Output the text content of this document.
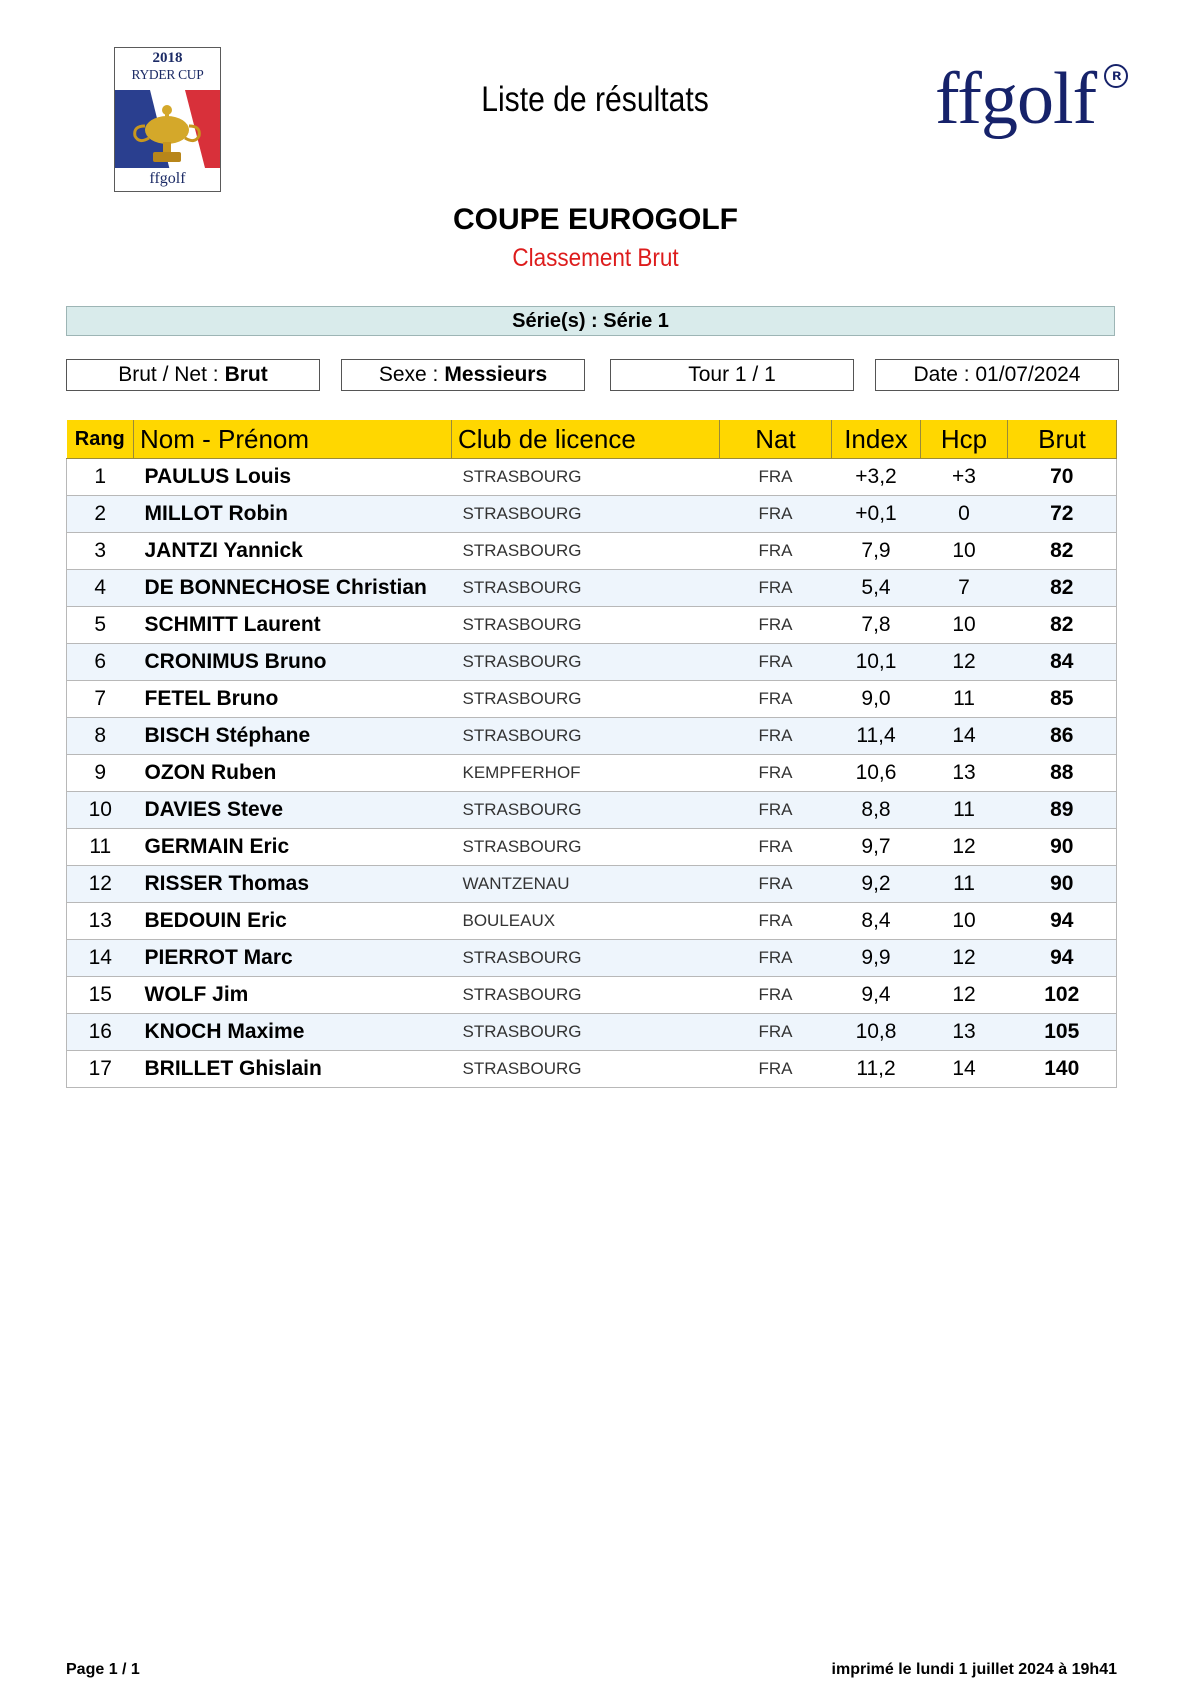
2018
RYDER CUP
ffgolf
Liste de résultats	ffgolf ʀ
COUPE EUROGOLF
Classement Brut
Série(s) : Série 1
Brut / Net : Brut	Sexe : Messieurs	Tour 1 / 1	Date : 01/07/2024
Rang	Nom - Prénom	Club de licence	Nat	Index	Hcp	Brut
1	PAULUS Louis	STRASBOURG	FRA	+3,2	+3	70
2	MILLOT Robin	STRASBOURG	FRA	+0,1	0	72
3	JANTZI Yannick	STRASBOURG	FRA	7,9	10	82
4	DE BONNECHOSE Christian	STRASBOURG	FRA	5,4	7	82
5	SCHMITT Laurent	STRASBOURG	FRA	7,8	10	82
6	CRONIMUS Bruno	STRASBOURG	FRA	10,1	12	84
7	FETEL Bruno	STRASBOURG	FRA	9,0	11	85
8	BISCH Stéphane	STRASBOURG	FRA	11,4	14	86
9	OZON Ruben	KEMPFERHOF	FRA	10,6	13	88
10	DAVIES Steve	STRASBOURG	FRA	8,8	11	89
11	GERMAIN Eric	STRASBOURG	FRA	9,7	12	90
12	RISSER Thomas	WANTZENAU	FRA	9,2	11	90
13	BEDOUIN Eric	BOULEAUX	FRA	8,4	10	94
14	PIERROT Marc	STRASBOURG	FRA	9,9	12	94
15	WOLF Jim	STRASBOURG	FRA	9,4	12	102
16	KNOCH Maxime	STRASBOURG	FRA	10,8	13	105
17	BRILLET Ghislain	STRASBOURG	FRA	11,2	14	140
Page 1 / 1	imprimé le lundi 1 juillet 2024 à 19h41
